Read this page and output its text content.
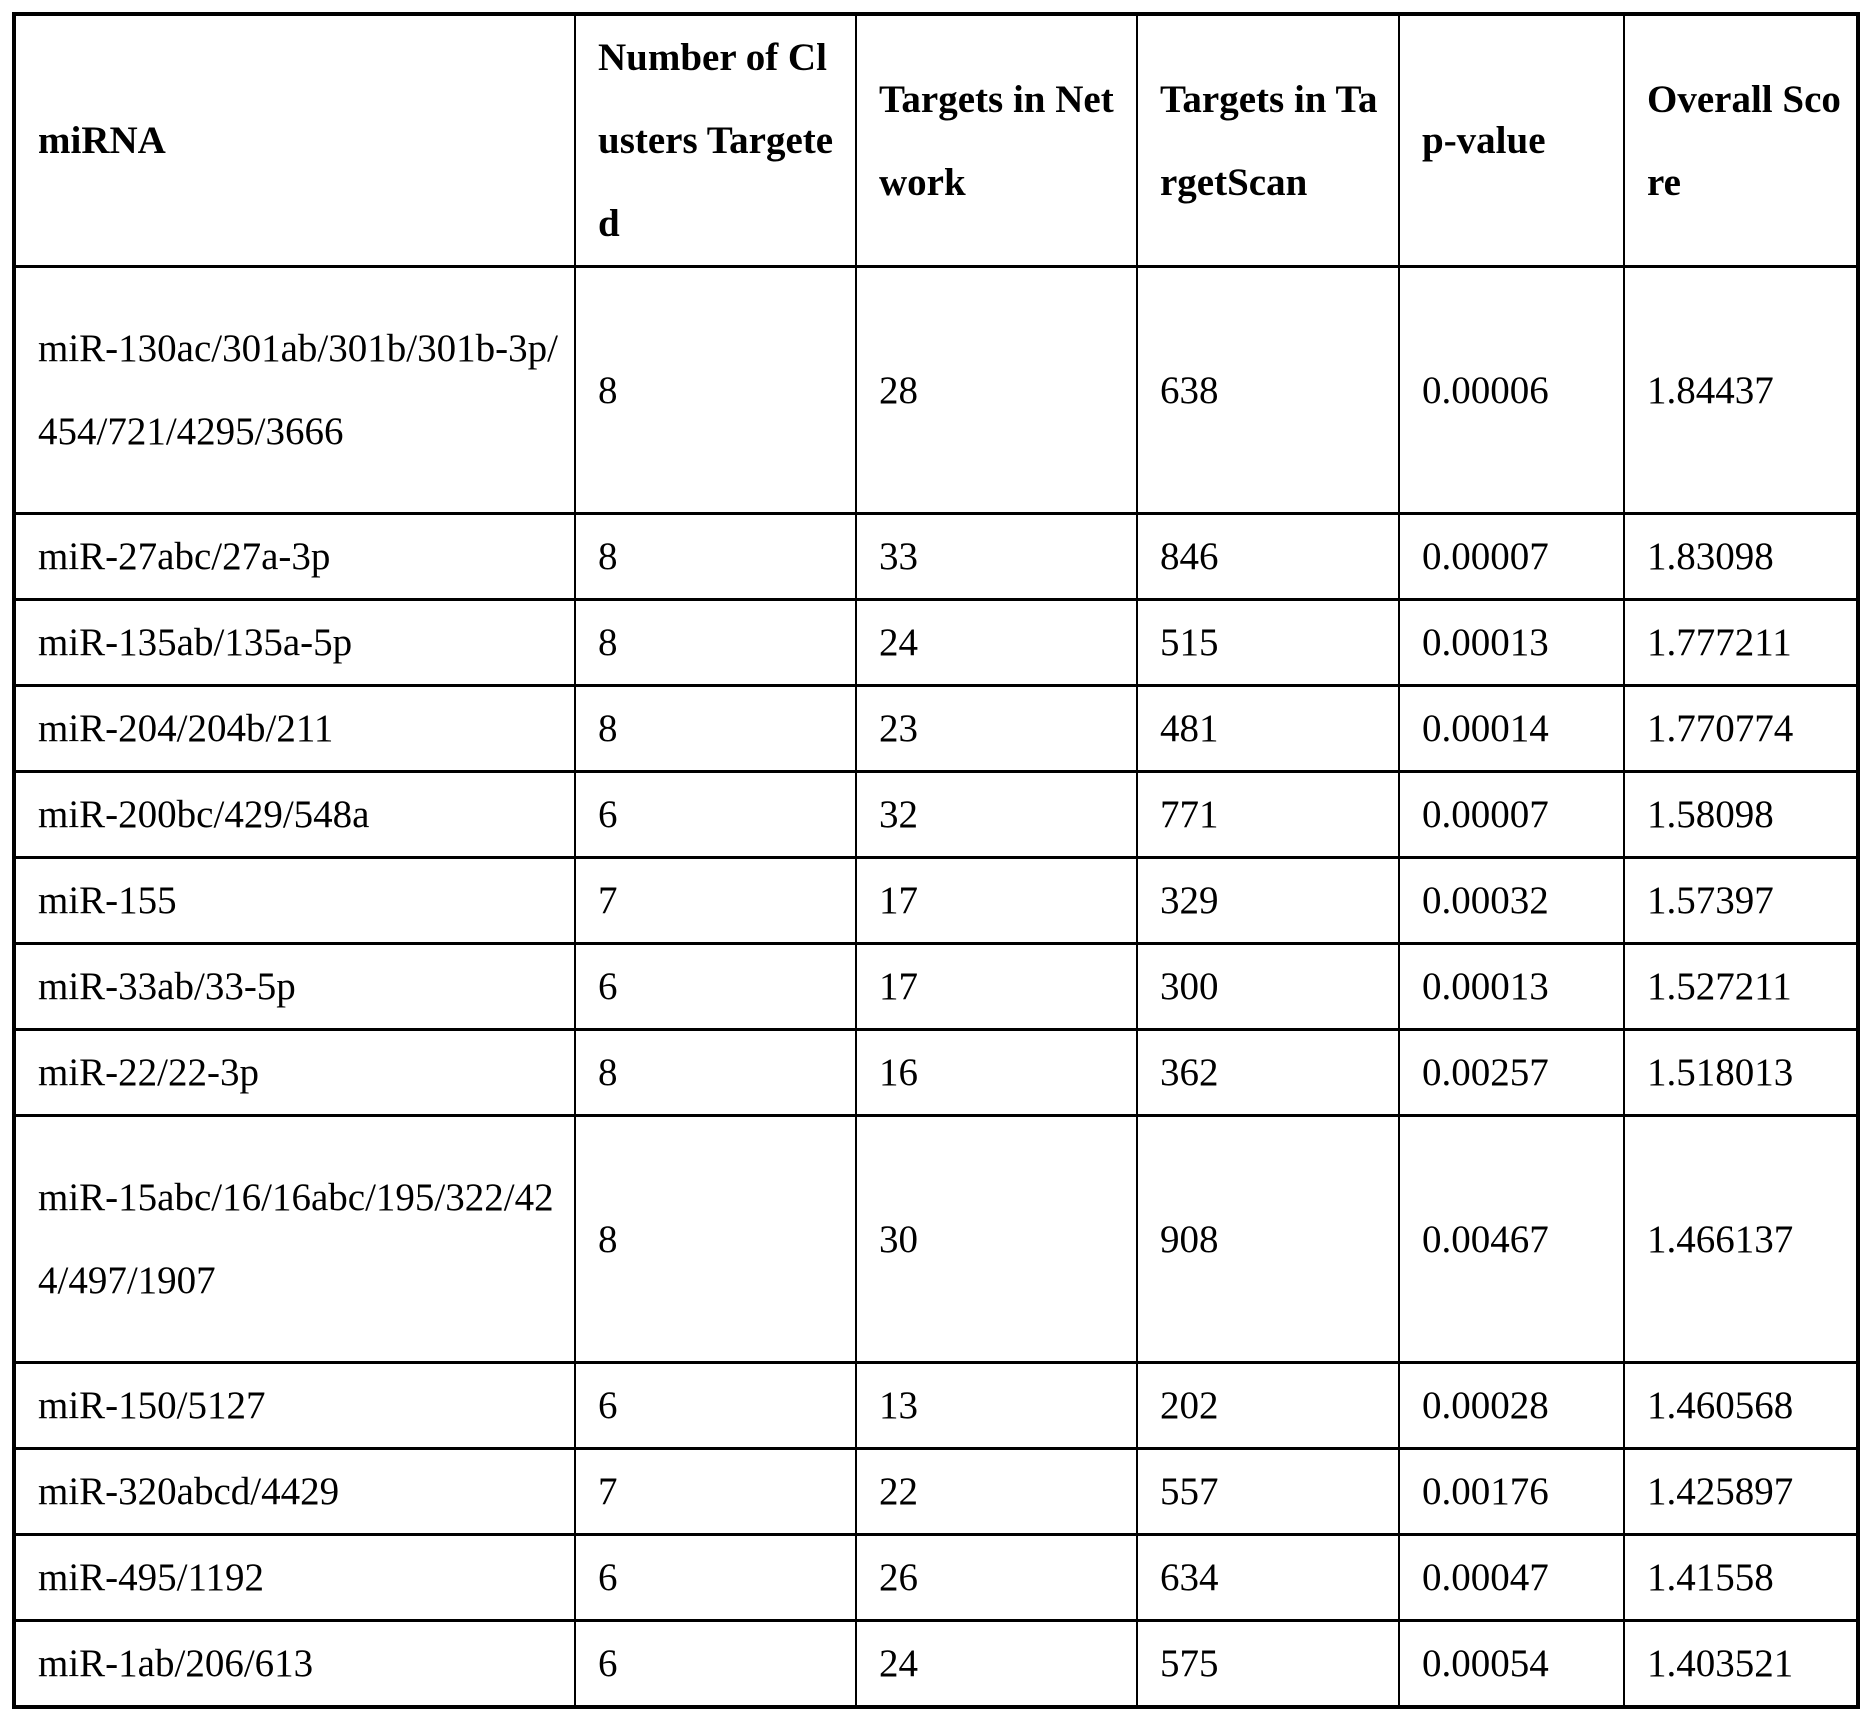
miRNA	Number of Clusters Targeted	Targets in Network	Targets in TargetScan	p-value	Overall Score
miR-130ac/301ab/301b/301b-3p/454/721/4295/3666	8	28	638	0.00006	1.84437
miR-27abc/27a-3p	8	33	846	0.00007	1.83098
miR-135ab/135a-5p	8	24	515	0.00013	1.777211
miR-204/204b/211	8	23	481	0.00014	1.770774
miR-200bc/429/548a	6	32	771	0.00007	1.58098
miR-155	7	17	329	0.00032	1.57397
miR-33ab/33-5p	6	17	300	0.00013	1.527211
miR-22/22-3p	8	16	362	0.00257	1.518013
miR-15abc/16/16abc/195/322/424/497/1907	8	30	908	0.00467	1.466137
miR-150/5127	6	13	202	0.00028	1.460568
miR-320abcd/4429	7	22	557	0.00176	1.425897
miR-495/1192	6	26	634	0.00047	1.41558
miR-1ab/206/613	6	24	575	0.00054	1.403521
